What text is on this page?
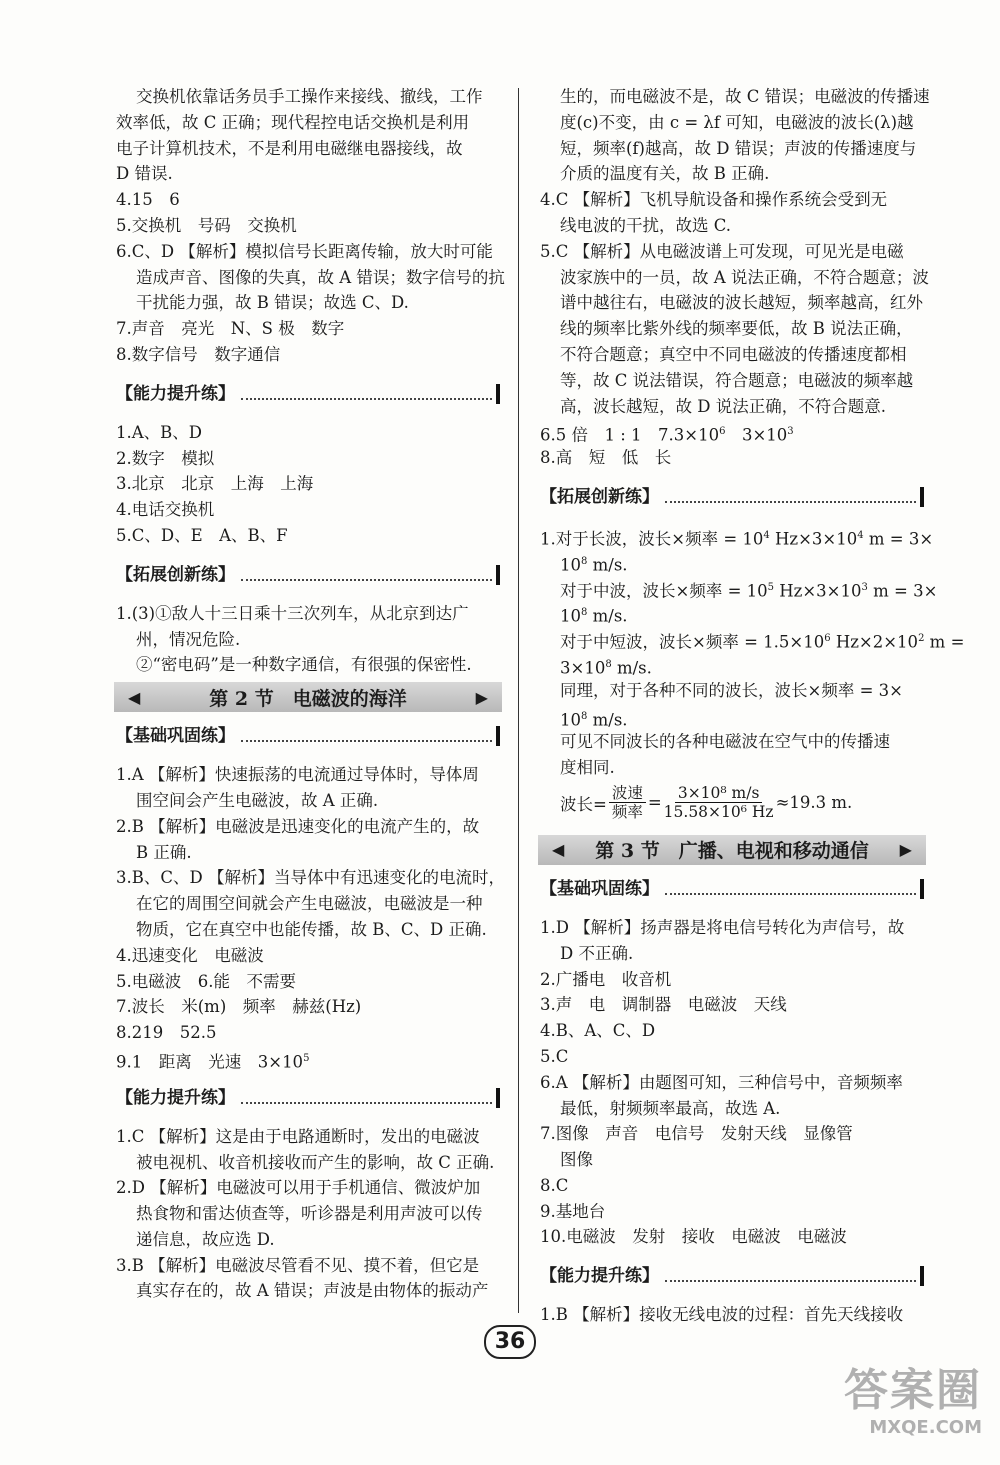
交换机依靠话务员手工操作来接线、撤线，工作
效率低，故 C 正确；现代程控电话交换机是利用
电子计算机技术，不是利用电磁继电器接线，故
D 错误.
4.15　6
5.交换机　号码　交换机
6.C、D 【解析】模拟信号长距离传输，放大时可能
造成声音、图像的失真，故 A 错误；数字信号的抗
干扰能力强，故 B 错误；故选 C、D.
7.声音　亮光　N、S 极　数字
8.数字信号　数字通信
【能力提升练】
1.A、B、D
2.数字　模拟
3.北京　北京　上海　上海
4.电话交换机
5.C、D、E　A、B、F
【拓展创新练】
1.(3)①敌人十三日乘十三次列车，从北京到达广
州，情况危险.
②“密电码”是一种数字通信，有很强的保密性.
◀	第 2 节　电磁波的海洋	▶
【基础巩固练】
1.A 【解析】快速振荡的电流通过导体时，导体周
围空间会产生电磁波，故 A 正确.
2.B 【解析】电磁波是迅速变化的电流产生的，故
B 正确.
3.B、C、D 【解析】当导体中有迅速变化的电流时，
在它的周围空间就会产生电磁波，电磁波是一种
物质，它在真空中也能传播，故 B、C、D 正确.
4.迅速变化　电磁波
5.电磁波　6.能　不需要
7.波长　米(m)　频率　赫兹(Hz)
8.219　52.5
9.1　距离　光速　$3\times 10^5$
【能力提升练】
1.C 【解析】这是由于电路通断时，发出的电磁波
被电视机、收音机接收而产生的影响，故 C 正确.
2.D 【解析】电磁波可以用于手机通信、微波炉加
热食物和雷达侦查等，听诊器是利用声波可以传
递信息，故应选 D.
3.B 【解析】电磁波尽管看不见、摸不着，但它是
真实存在的，故 A 错误；声波是由物体的振动产
生的，而电磁波不是，故 C 错误；电磁波的传播速
度(c)不变，由 c = λf 可知，电磁波的波长(λ)越
短，频率(f)越高，故 D 错误；声波的传播速度与
介质的温度有关，故 B 正确.
4.C 【解析】飞机导航设备和操作系统会受到无
线电波的干扰，故选 C.
5.C 【解析】从电磁波谱上可发现，可见光是电磁
波家族中的一员，故 A 说法正确，不符合题意；波
谱中越往右，电磁波的波长越短，频率越高，红外
线的频率比紫外线的频率要低，故 B 说法正确，
不符合题意；真空中不同电磁波的传播速度都相
等，故 C 说法错误，符合题意；电磁波的频率越
高，波长越短，故 D 说法正确，不符合题意.
6.5 倍　1 : 1　$7.3\times 10^6$　$3\times 10^3$
8.高　短　低　长
【拓展创新练】
1.对于长波，波长×频率 = $10^4$ $Hz\times 3\times 10^4$ m = 3×
$10^8$ m/s.
对于中波，波长×频率 = $10^5$ $Hz\times 3\times 10^3$ m = 3×
$10^8$ m/s.
对于中短波，波长×频率 = $1.5\times 10^6$ $Hz\times 2\times 10^2$ m =
$3\times 10^8$ m/s.
同理，对于各种不同的波长，波长×频率 = 3×
$10^8$ m/s.
可见不同波长的各种电磁波在空气中的传播速
度相同.
波长= $\frac{\text{波速}}{\text{频率}} = \frac{\text{3×10⁸ m/s}}{\text{15.58×10⁶ Hz}} \approx 19.3$ m.
◀ 第 3 节　广播、电视和移动通信 ▶
【基础巩固练】
1.D 【解析】扬声器是将电信号转化为声信号，故
D 不正确.
2.广播电　收音机
3.声　电　调制器　电磁波　天线
4.B、A、C、D
5.C
6.A 【解析】由题图可知，三种信号中，音频频率
最低，射频频率最高，故选 A.
7.图像　声音　电信号　发射天线　显像管
图像
8.C
9.基地台
10.电磁波　发射　接收　电磁波　电磁波
【能力提升练】
1.B 【解析】接收无线电波的过程：首先天线接收
36
答案圈
MXQE.COM
